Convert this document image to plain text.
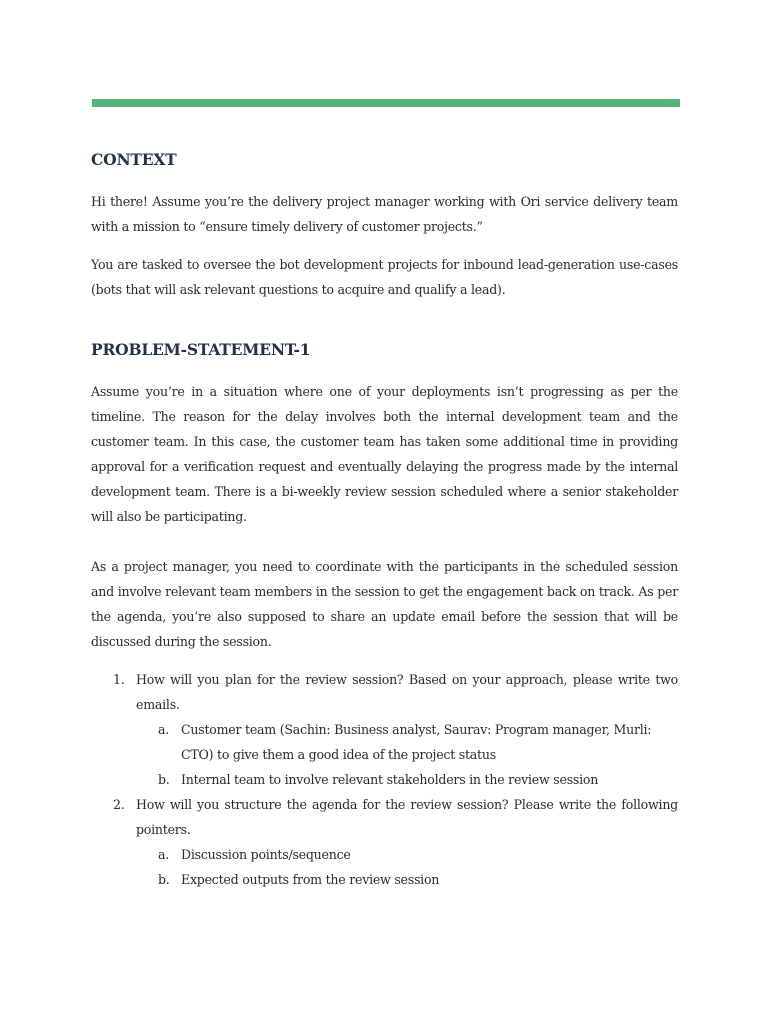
CONTEXT

Hi there! Assume you’re the delivery project manager working with Ori service delivery team with a mission to “ensure timely delivery of customer projects.”

You are tasked to oversee the bot development projects for inbound lead-generation use-cases (bots that will ask relevant questions to acquire and qualify a lead).

PROBLEM-STATEMENT-1

Assume you’re in a situation where one of your deployments isn’t progressing as per the timeline. The reason for the delay involves both the internal development team and the customer team. In this case, the customer team has taken some additional time in providing approval for a verification request and eventually delaying the progress made by the internal development team. There is a bi-weekly review session scheduled where a senior stakeholder will also be participating.

As a project manager, you need to coordinate with the participants in the scheduled session and involve relevant team members in the session to get the engagement back on track. As per the agenda, you’re also supposed to share an update email before the session that will be discussed during the session.

1. How will you plan for the review session? Based on your approach, please write two emails.
a. Customer team (Sachin: Business analyst, Saurav: Program manager, Murli: CTO) to give them a good idea of the project status
b. Internal team to involve relevant stakeholders in the review session
2. How will you structure the agenda for the review session? Please write the following pointers.
a. Discussion points/sequence
b. Expected outputs from the review session
